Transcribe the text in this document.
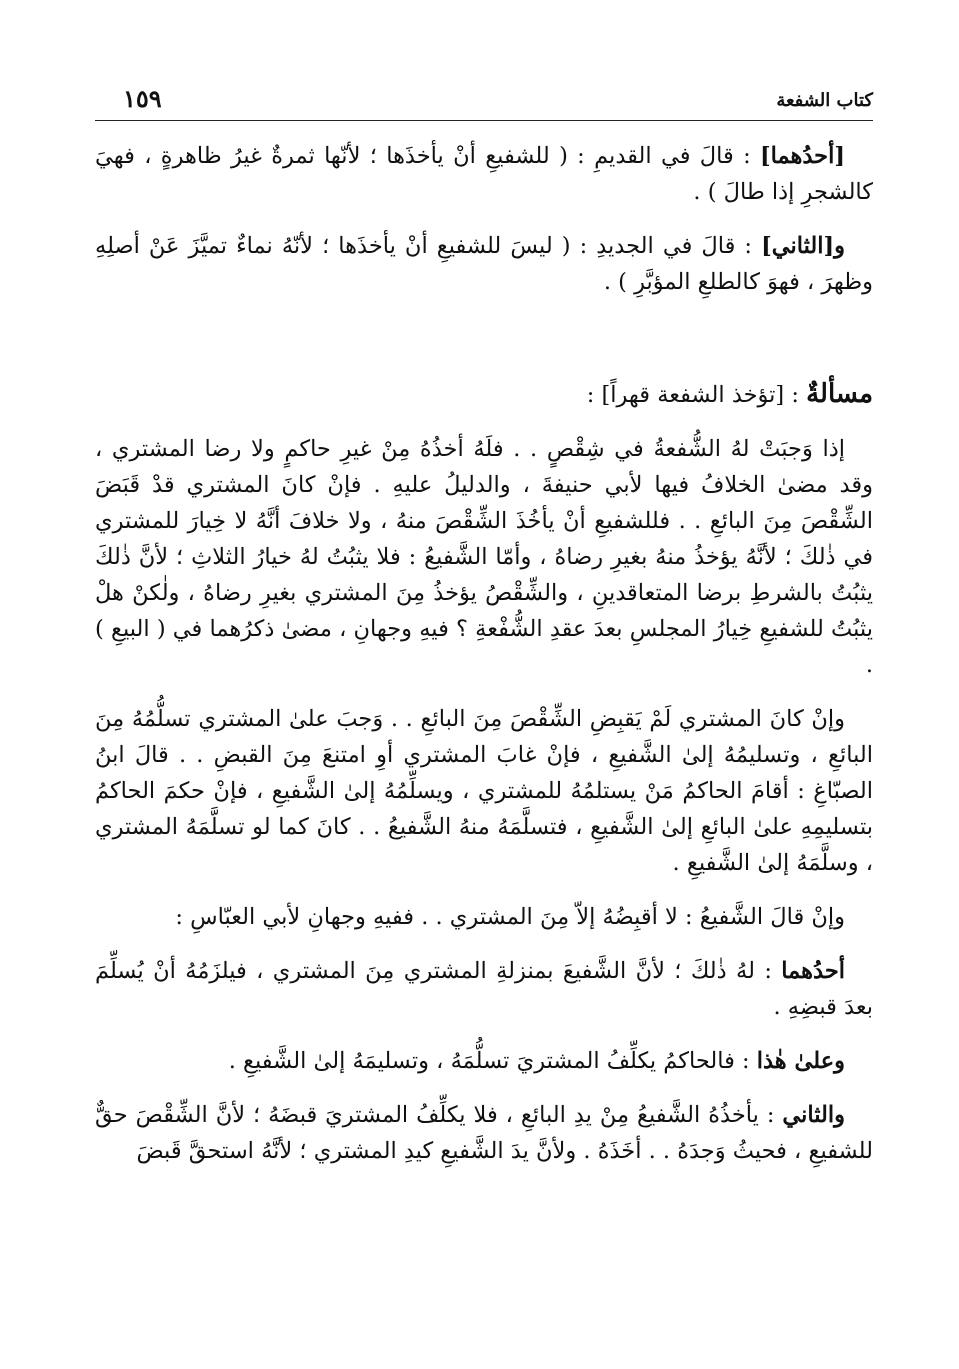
١٥٩	كتاب الشفعة

[أحدُهما] : قالَ في القديمِ : ( للشفيعِ أنْ يأخذَها ؛ لأنّها ثمرةٌ غيرُ ظاهرةٍ ، فهيَ كالشجرِ إذا طالَ ) .

و[الثاني] : قالَ في الجديدِ : ( ليسَ للشفيعِ أنْ يأخذَها ؛ لأنّهُ نماءٌ تميَّزَ عَنْ أصلِهِ وظهرَ ، فهوَ كالطلعِ المؤبَّرِ ) .

مسألةٌ : [تؤخذ الشفعة قهراً] :

إذا وَجبَتْ لهُ الشُّفعةُ في شِقْصٍ . . فلَهُ أخذُهُ مِنْ غيرِ حاكمٍ ولا رضا المشتري ، وقد مضىٰ الخلافُ فيها لأبي حنيفةَ ، والدليلُ عليهِ . فإنْ كانَ المشتري قدْ قَبَضَ الشِّقْصَ مِنَ البائعِ . . فللشفيعِ أنْ يأخُذَ الشِّقْصَ منهُ ، ولا خلافَ أنَّهُ لا خِيارَ للمشتري في ذٰلكَ ؛ لأنَّهُ يؤخذُ منهُ بغيرِ رضاهُ ، وأمّا الشَّفيعُ : فلا يثبُتُ لهُ خيارُ الثلاثِ ؛ لأنَّ ذٰلكَ يثبُتُ بالشرطِ برضا المتعاقدينِ ، والشِّقْصُ يؤخذُ مِنَ المشتري بغيرِ رضاهُ ، ولٰكنْ هلْ يثبُتُ للشفيعِ خِيارُ المجلسِ بعدَ عقدِ الشُّفْعةِ ؟ فيهِ وجهانِ ، مضىٰ ذكرُهما في ( البيعِ ) .

وإنْ كانَ المشتري لَمْ يَقبِضِ الشِّقْصَ مِنَ البائعِ . . وَجبَ علىٰ المشتري تسلُّمُهُ مِنَ البائعِ ، وتسليمُهُ إلىٰ الشَّفيعِ ، فإنْ غابَ المشتري أوِ امتنعَ مِنَ القبضِ . . قالَ ابنُ الصبّاغِ : أقامَ الحاكمُ مَنْ يستلمُهُ للمشتري ، ويسلِّمُهُ إلىٰ الشَّفيعِ ، فإنْ حكمَ الحاكمُ بتسليمِهِ علىٰ البائعِ إلىٰ الشَّفيعِ ، فتسلَّمَهُ منهُ الشَّفيعُ . . كانَ كما لو تسلَّمَهُ المشتري ، وسلَّمَهُ إلىٰ الشَّفيعِ .

وإنْ قالَ الشَّفيعُ : لا أقبِضُهُ إلاّ مِنَ المشتري . . ففيهِ وجهانِ لأبي العبّاسِ :

أحدُهما : لهُ ذٰلكَ ؛ لأنَّ الشَّفيعَ بمنزلةِ المشتري مِنَ المشتري ، فيلزَمُهُ أنْ يُسلِّمَ بعدَ قبضِهِ .

وعلىٰ هٰذا : فالحاكمُ يكلِّفُ المشتريَ تسلُّمَهُ ، وتسليمَهُ إلىٰ الشَّفيعِ .

والثاني : يأخذُهُ الشَّفيعُ مِنْ يدِ البائعِ ، فلا يكلِّفُ المشتريَ قبضَهُ ؛ لأنَّ الشِّقْصَ حقٌّ للشفيعِ ، فحيثُ وَجدَهُ . . أخَذَهُ . ولأنَّ يدَ الشَّفيعِ كيدِ المشتري ؛ لأنَّهُ استحقَّ قَبضَ
